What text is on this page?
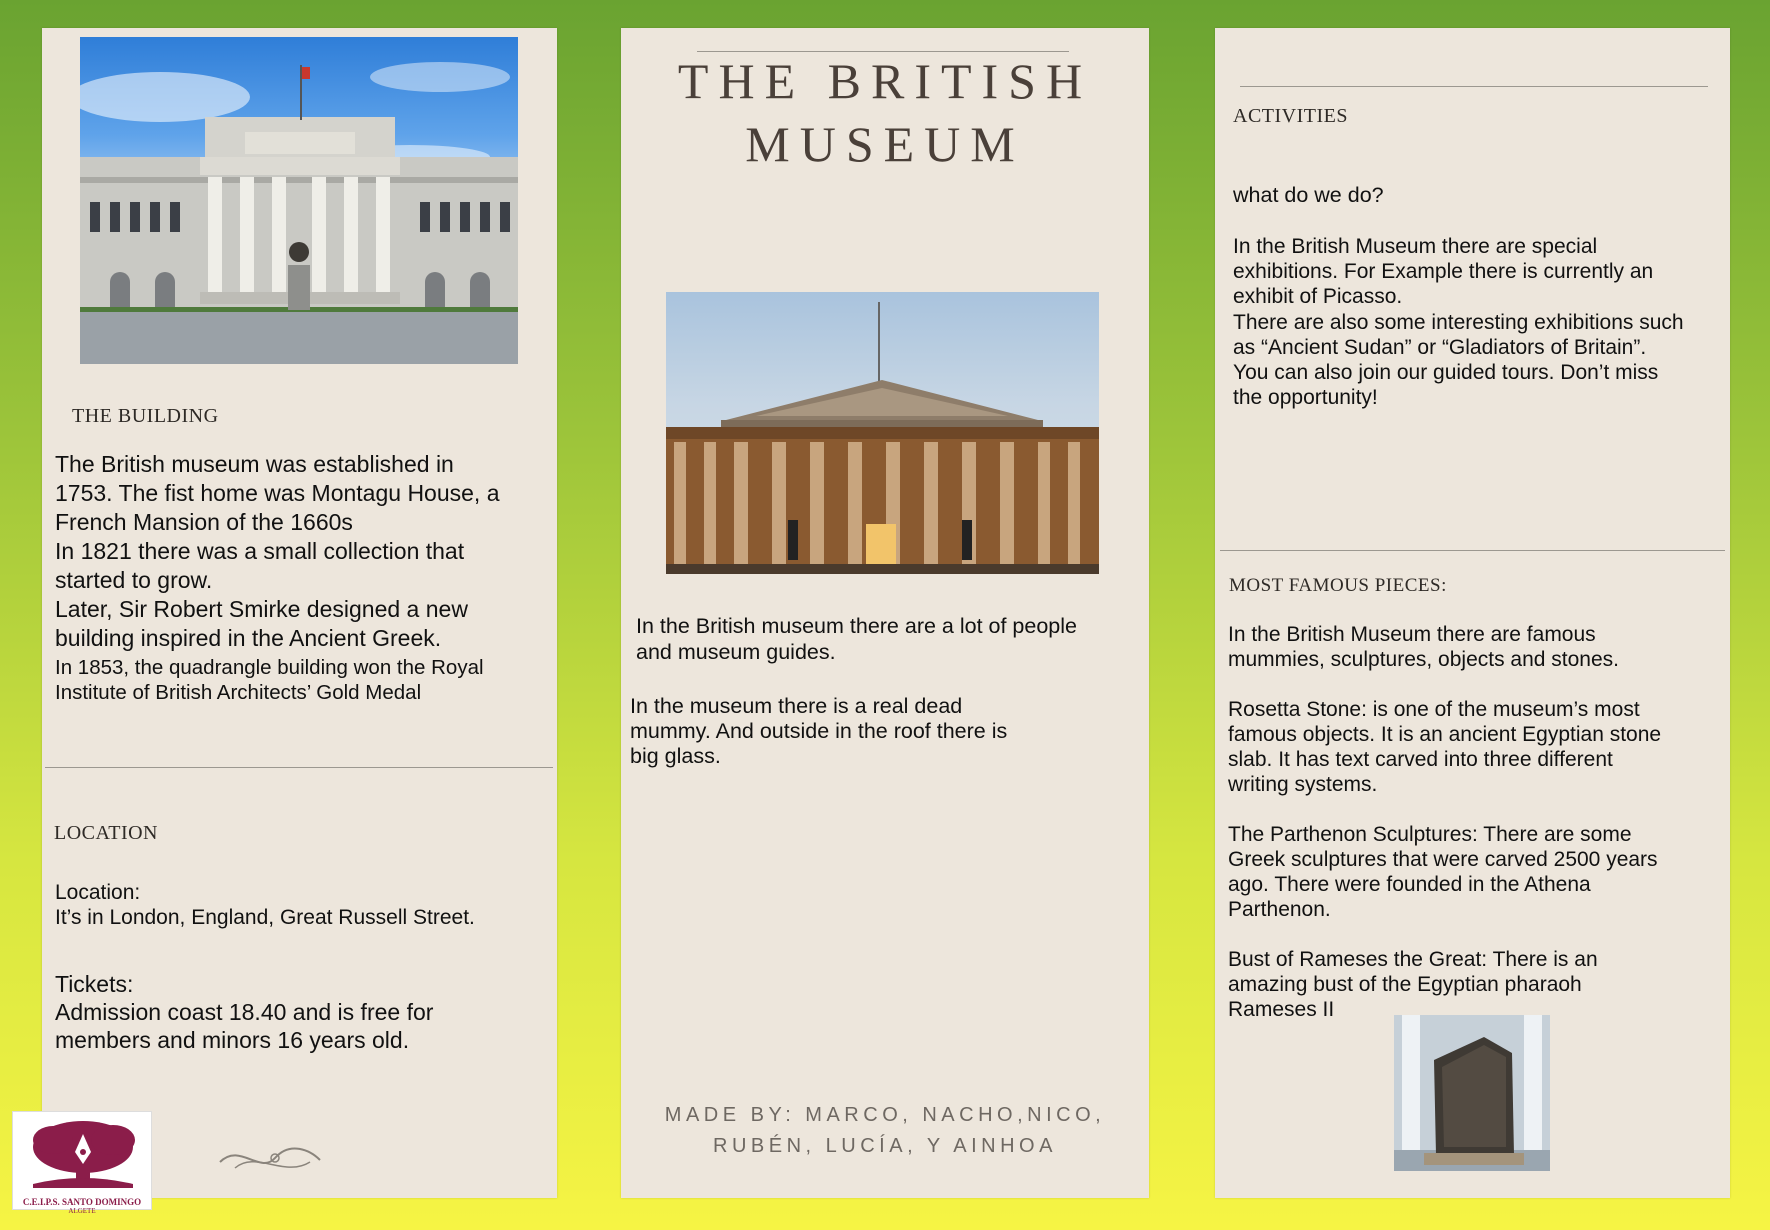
THE BUILDING
The British museum was established in
1753. The fist home was Montagu House, a
French Mansion of the 1660s
In 1821 there was a small collection that
started to grow.
Later, Sir Robert Smirke designed a new
building inspired in the Ancient Greek.
In 1853, the quadrangle building won the Royal
Institute of British Architects’ Gold Medal
LOCATION
Location:
It’s in London, England, Great Russell Street.
Tickets:
Admission coast 18.40 and is free for
members and minors 16 years old.
C.E.I.P.S. SANTO DOMINGO
ALGETE
THE BRITISH
MUSEUM
In the British museum there are a lot of people
and museum guides.
In the museum there is a real dead
mummy. And outside in the roof there is
big glass.
MADE BY: MARCO, NACHO,NICO,
RUBÉN, LUCÍA, Y AINHOA
ACTIVITIES
what do we do?
In the British Museum there are special
exhibitions. For Example there is currently an
exhibit of Picasso.
There are also some interesting exhibitions such
as “Ancient Sudan” or “Gladiators of Britain”.
You can also join our guided tours. Don’t miss
the opportunity!
MOST FAMOUS PIECES:
In the British Museum there are famous
mummies, sculptures, objects and stones.
Rosetta Stone: is one of the museum’s most
famous objects. It is an ancient Egyptian stone
slab. It has text carved into three different
writing systems.
The Parthenon Sculptures: There are some
Greek sculptures that were carved 2500 years
ago. There were founded in the Athena
Parthenon.
Bust of Rameses the Great: There is an
amazing bust of the Egyptian pharaoh
Rameses II
